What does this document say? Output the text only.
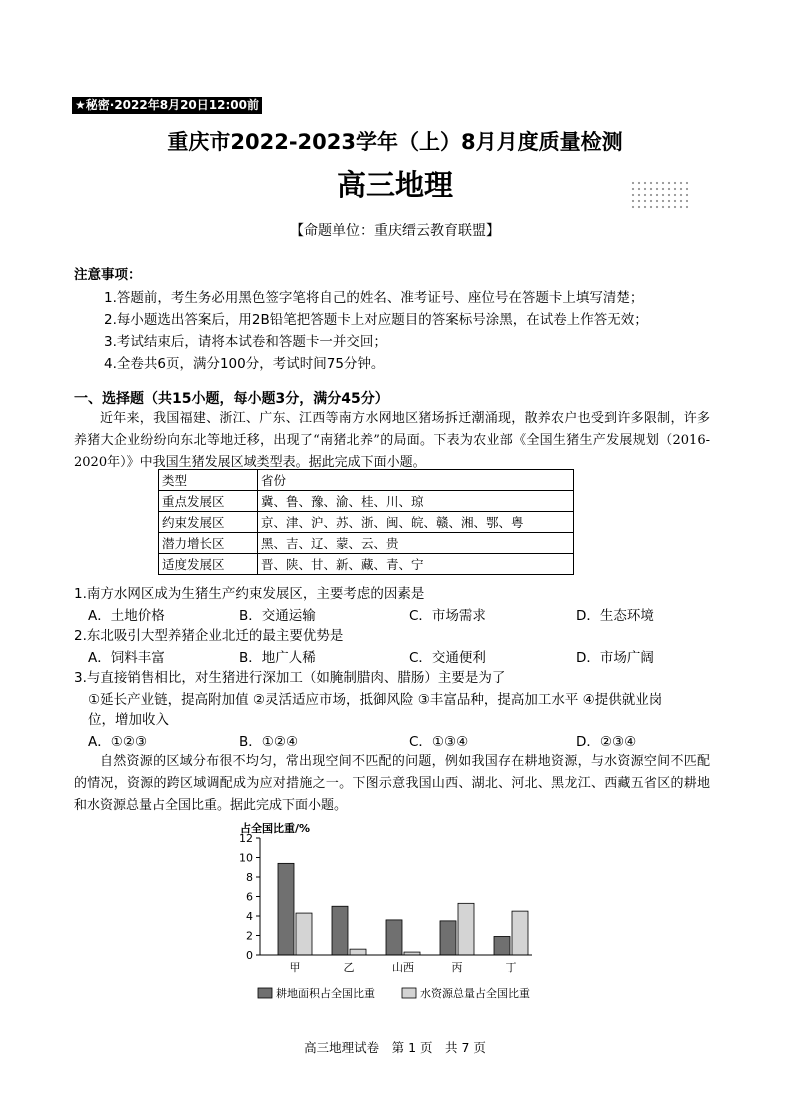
★秘密·2022年8月20日12:00前
重庆市2022-2023学年（上）8月月度质量检测
高三地理
【命题单位：重庆缙云教育联盟】
注意事项：
1.答题前，考生务必用黑色签字笔将自己的姓名、准考证号、座位号在答题卡上填写清楚；
2.每小题选出答案后，用2B铅笔把答题卡上对应题目的答案标号涂黑，在试卷上作答无效；
3.考试结束后，请将本试卷和答题卡一并交回；
4.全卷共6页，满分100分，考试时间75分钟。
一、选择题（共15小题，每小题3分，满分45分）
近年来，我国福建、浙江、广东、江西等南方水网地区猪场拆迁潮涌现，散养农户也受到许多限制，许多养猪大企业纷纷向东北等地迁移，出现了“南猪北养”的局面。下表为农业部《全国生猪生产发展规划（2016-2020年）》中我国生猪发展区域类型表。据此完成下面小题。
类型	省份
重点发展区	冀、鲁、豫、渝、桂、川、琼
约束发展区	京、津、沪、苏、浙、闽、皖、赣、湘、鄂、粤
潜力增长区	黑、吉、辽、蒙、云、贵
适度发展区	晋、陕、甘、新、藏、青、宁
1.南方水网区成为生猪生产约束发展区，主要考虑的因素是
A．土地价格	B．交通运输	C．市场需求	D．生态环境
2.东北吸引大型养猪企业北迁的最主要优势是
A．饲料丰富	B．地广人稀	C．交通便利	D．市场广阔
3.与直接销售相比，对生猪进行深加工（如腌制腊肉、腊肠）主要是为了
①延长产业链，提高附加值 ②灵活适应市场，抵御风险 ③丰富品种，提高加工水平 ④提供就业岗
位，增加收入
A．①②③	B．①②④	C．①③④	D．②③④
自然资源的区域分布很不均匀，常出现空间不匹配的问题，例如我国存在耕地资源，与水资源空间不匹配的情况，资源的跨区域调配成为应对措施之一。下图示意我国山西、湖北、河北、黑龙江、西藏五省区的耕地和水资源总量占全国比重。据此完成下面小题。
占全国比重/%
0
2
4
6
8
10
12
甲	乙	山西	丙	丁
耕地面积占全国比重	水资源总量占全国比重
高三地理试卷　第 1 页　共 7 页
